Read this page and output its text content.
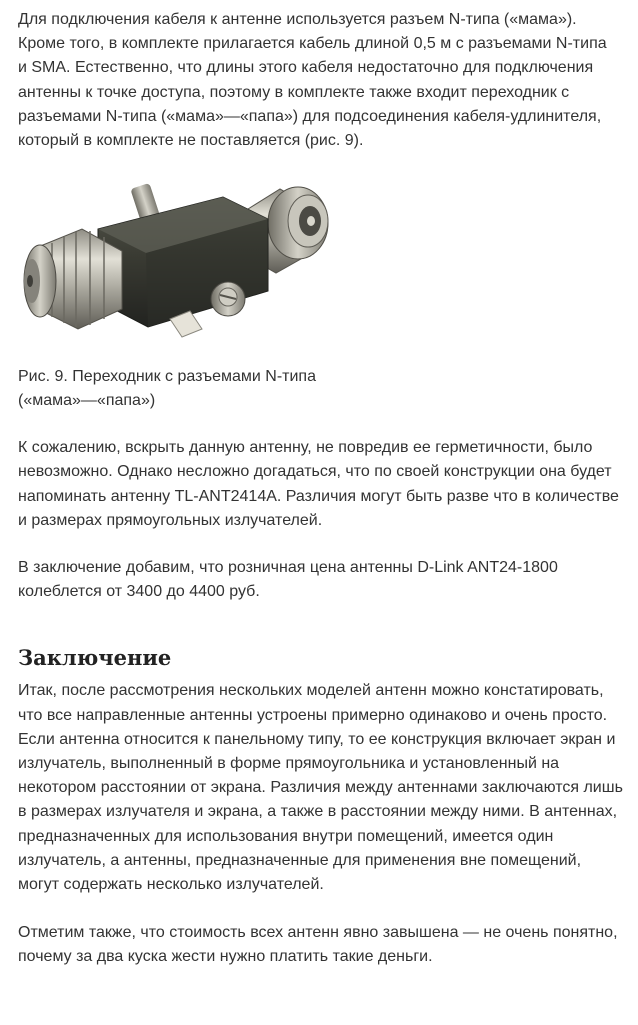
Для подключения кабеля к антенне используется разъем N-типа («мама»). Кроме того, в комплекте прилагается кабель длиной 0,5 м с разъемами N-типа и SMA. Естественно, что длины этого кабеля недостаточно для подключения антенны к точке доступа, поэтому в комплекте также входит переходник с разъемами N-типа («мама»—«папа») для подсоединения кабеля-удлинителя, который в комплекте не поставляется (рис. 9).

Рис. 9. Переходник с разъемами N-типа
(«мама»—«папа»)

К сожалению, вскрыть данную антенну, не повредив ее герметичности, было невозможно. Однако несложно догадаться, что по своей конструкции она будет напоминать антенну TL-ANT2414A. Различия могут быть разве что в количестве и размерах прямоугольных излучателей.

В заключение добавим, что розничная цена антенны D-Link ANT24-1800 колеблется от 3400 до 4400 руб.

Заключение

Итак, после рассмотрения нескольких моделей антенн можно констатировать, что все направленные антенны устроены примерно одинаково и очень просто. Если антенна относится к панельному типу, то ее конструкция включает экран и излучатель, выполненный в форме прямоугольника и установленный на некотором расстоянии от экрана. Различия между антеннами заключаются лишь в размерах излучателя и экрана, а также в расстоянии между ними. В антеннах, предназначенных для использования внутри помещений, имеется один излучатель, а антенны, предназначенные для применения вне помещений, могут содержать несколько излучателей.

Отметим также, что стоимость всех антенн явно завышена — не очень понятно, почему за два куска жести нужно платить такие деньги.
